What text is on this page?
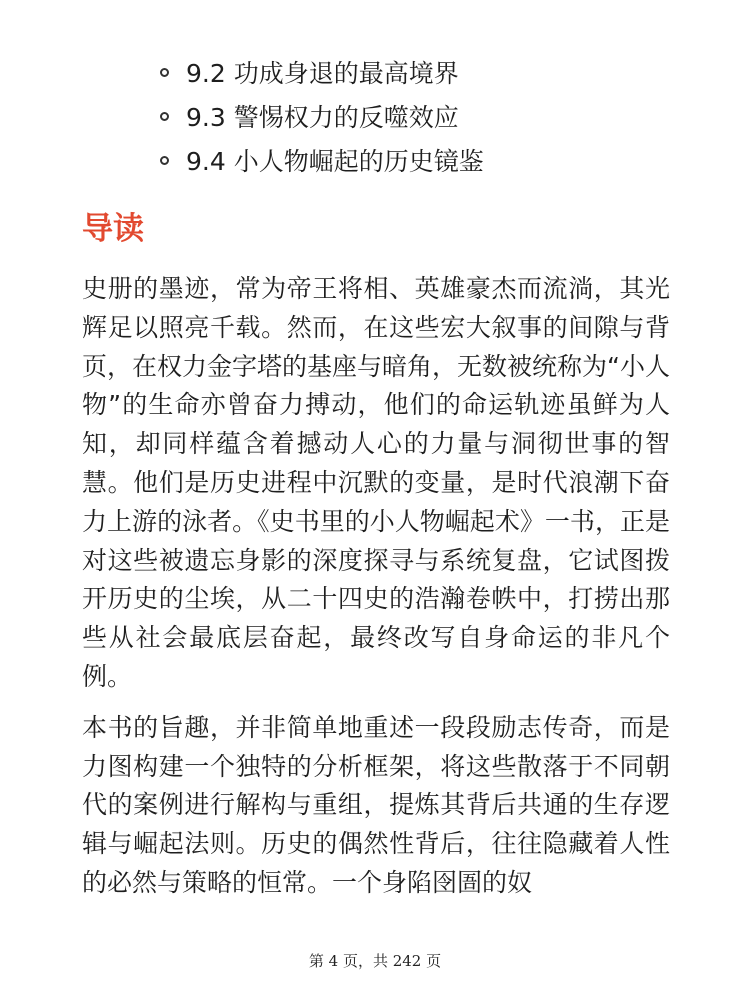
9.2 功成身退的最高境界
9.3 警惕权力的反噬效应
9.4 小人物崛起的历史镜鉴
导读

史册的墨迹，常为帝王将相、英雄豪杰而流淌，其光辉足以照亮千载。然而，在这些宏大叙事的间隙与背页，在权力金字塔的基座与暗角，无数被统称为“小人物”的生命亦曾奋力搏动，他们的命运轨迹虽鲜为人知，却同样蕴含着撼动人心的力量与洞彻世事的智慧。他们是历史进程中沉默的变量，是时代浪潮下奋力上游的泳者。《史书里的小人物崛起术》一书，正是对这些被遗忘身影的深度探寻与系统复盘，它试图拨开历史的尘埃，从二十四史的浩瀚卷帙中，打捞出那些从社会最底层奋起，最终改写自身命运的非凡个例。

本书的旨趣，并非简单地重述一段段励志传奇，而是力图构建一个独特的分析框架，将这些散落于不同朝代的案例进行解构与重组，提炼其背后共通的生存逻辑与崛起法则。历史的偶然性背后，往往隐藏着人性的必然与策略的恒常。一个身陷囹圄的奴

第 4 页，共 242 页
